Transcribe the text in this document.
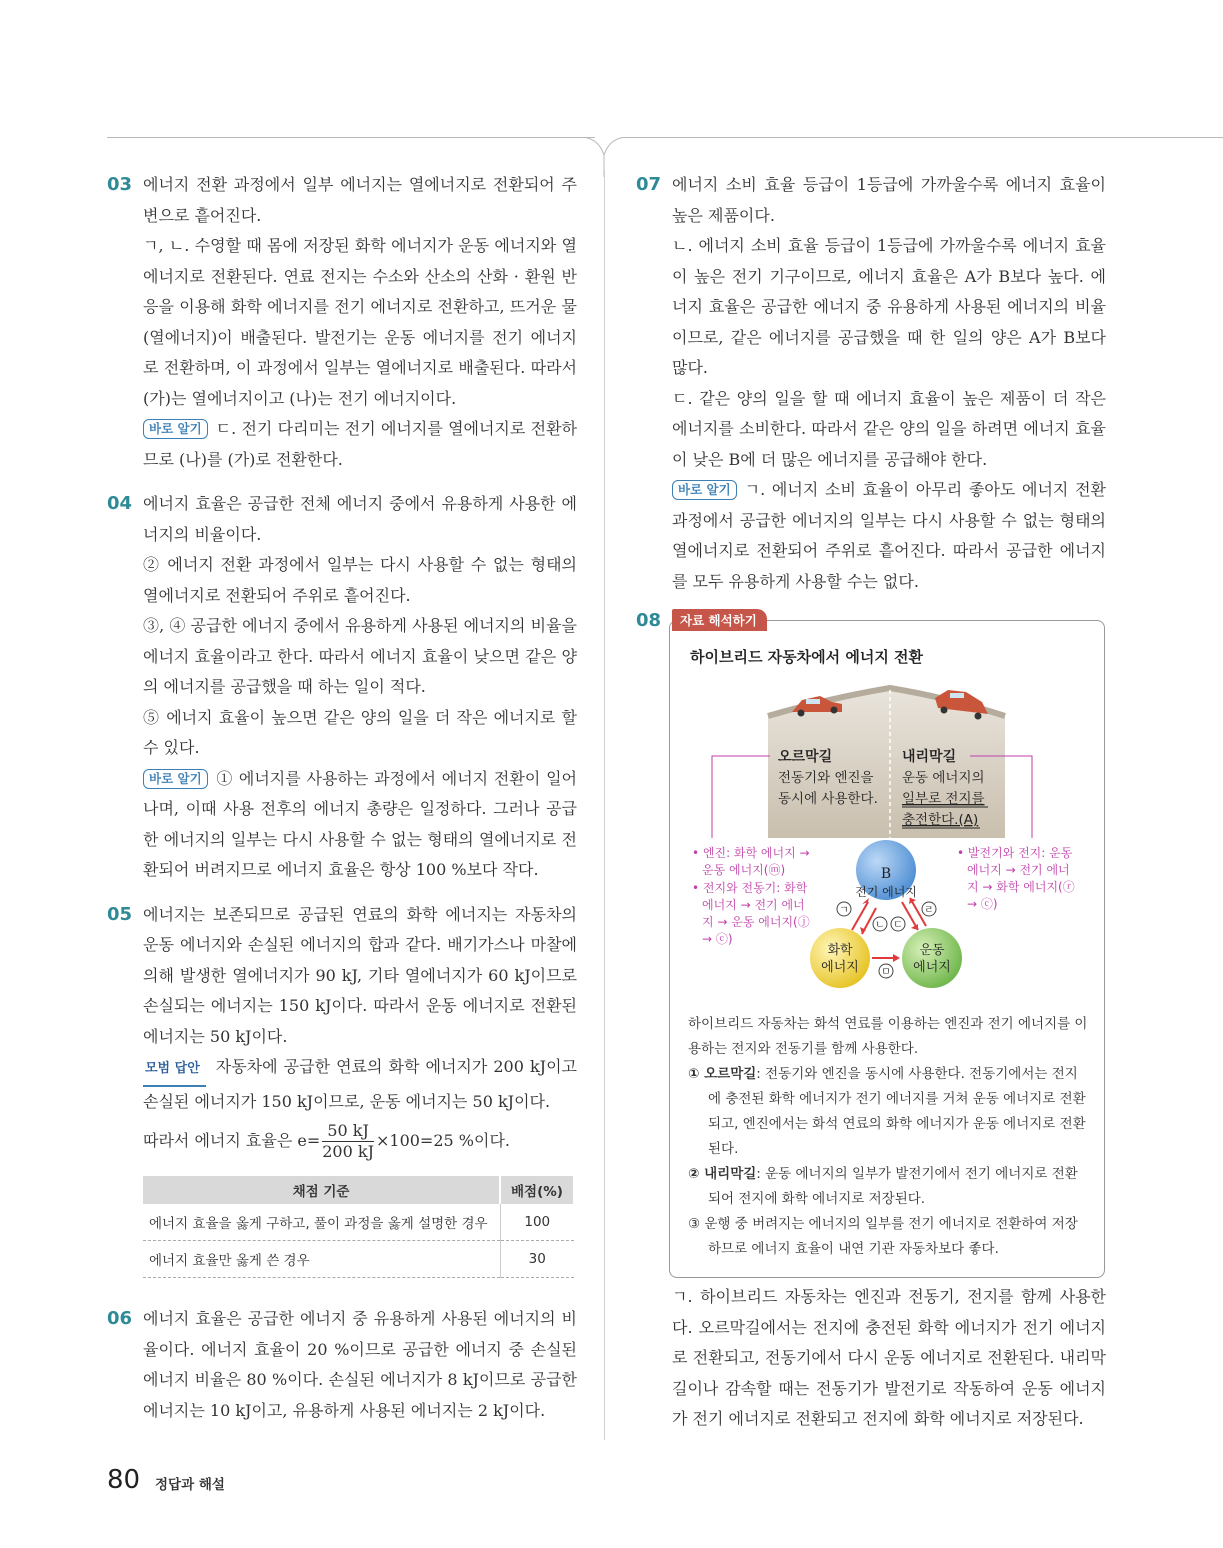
03 에너지 전환 과정에서 일부 에너지는 열에너지로 전환되어 주변으로 흩어진다.

ㄱ, ㄴ. 수영할 때 몸에 저장된 화학 에너지가 운동 에너지와 열에너지로 전환된다. 연료 전지는 수소와 산소의 산화 · 환원 반응을 이용해 화학 에너지를 전기 에너지로 전환하고, 뜨거운 물(열에너지)이 배출된다. 발전기는 운동 에너지를 전기 에너지로 전환하며, 이 과정에서 일부는 열에너지로 배출된다. 따라서 (가)는 열에너지이고 (나)는 전기 에너지이다.

바로 알기 ㄷ. 전기 다리미는 전기 에너지를 열에너지로 전환하므로 (나)를 (가)로 전환한다.

04 에너지 효율은 공급한 전체 에너지 중에서 유용하게 사용한 에너지의 비율이다.

② 에너지 전환 과정에서 일부는 다시 사용할 수 없는 형태의 열에너지로 전환되어 주위로 흩어진다.

③, ④ 공급한 에너지 중에서 유용하게 사용된 에너지의 비율을 에너지 효율이라고 한다. 따라서 에너지 효율이 낮으면 같은 양의 에너지를 공급했을 때 하는 일이 적다.

⑤ 에너지 효율이 높으면 같은 양의 일을 더 작은 에너지로 할 수 있다.

바로 알기 ① 에너지를 사용하는 과정에서 에너지 전환이 일어나며, 이때 사용 전후의 에너지 총량은 일정하다. 그러나 공급한 에너지의 일부는 다시 사용할 수 없는 형태의 열에너지로 전환되어 버려지므로 에너지 효율은 항상 100 %보다 작다.

05 에너지는 보존되므로 공급된 연료의 화학 에너지는 자동차의 운동 에너지와 손실된 에너지의 합과 같다. 배기가스나 마찰에 의해 발생한 열에너지가 90 kJ, 기타 열에너지가 60 kJ이므로 손실되는 에너지는 150 kJ이다. 따라서 운동 에너지로 전환된 에너지는 50 kJ이다.

모범 답안 자동차에 공급한 연료의 화학 에너지가 200 kJ이고 손실된 에너지가 150 kJ이므로, 운동 에너지는 50 kJ이다.

따라서 에너지 효율은 $e= \frac{50 kJ}{200 kJ} \times 100=25$ %이다.

채점 기준	배점(%)
에너지 효율을 옳게 구하고, 풀이 과정을 옳게 설명한 경우	100
에너지 효율만 옳게 쓴 경우	30
06 에너지 효율은 공급한 에너지 중 유용하게 사용된 에너지의 비율이다. 에너지 효율이 20 %이므로 공급한 에너지 중 손실된 에너지 비율은 80 %이다. 손실된 에너지가 8 kJ이므로 공급한 에너지는 10 kJ이고, 유용하게 사용된 에너지는 2 kJ이다.

07 에너지 소비 효율 등급이 1등급에 가까울수록 에너지 효율이 높은 제품이다.

ㄴ. 에너지 소비 효율 등급이 1등급에 가까울수록 에너지 효율이 높은 전기 기구이므로, 에너지 효율은 A가 B보다 높다. 에너지 효율은 공급한 에너지 중 유용하게 사용된 에너지의 비율이므로, 같은 에너지를 공급했을 때 한 일의 양은 A가 B보다 많다.

ㄷ. 같은 양의 일을 할 때 에너지 효율이 높은 제품이 더 작은 에너지를 소비한다. 따라서 같은 양의 일을 하려면 에너지 효율이 낮은 B에 더 많은 에너지를 공급해야 한다.

바로 알기 ㄱ. 에너지 소비 효율이 아무리 좋아도 에너지 전환 과정에서 공급한 에너지의 일부는 다시 사용할 수 없는 형태의 열에너지로 전환되어 주위로 흩어진다. 따라서 공급한 에너지를 모두 유용하게 사용할 수는 없다.

08	자료 해석하기
하이브리드 자동차에서 에너지 전환
오르막길
전동기와 엔진을
동시에 사용한다.
내리막길
운동 에너지의
일부로 전지를
충전한다.(A)
• 엔진: 화학 에너지 →
운동 에너지(ⓜ)
• 전지와 전동기: 화학
에너지 → 전기 에너
지 → 운동 에너지(ⓙ
→ ⓒ)
• 발전기와 전지: 운동
에너지 → 전기 에너
지 → 화학 에너지(ⓡ
→ ⓒ)
B
전기 에너지
화학
에너지
운동
에너지
ㄱ
ㄴ ㄷ
ㄹ
ㅁ

하이브리드 자동차는 화석 연료를 이용하는 엔진과 전기 에너지를 이용하는 전지와 전동기를 함께 사용한다.

① 오르막길: 전동기와 엔진을 동시에 사용한다. 전동기에서는 전지에 충전된 화학 에너지가 전기 에너지를 거쳐 운동 에너지로 전환되고, 엔진에서는 화석 연료의 화학 에너지가 운동 에너지로 전환된다.

② 내리막길: 운동 에너지의 일부가 발전기에서 전기 에너지로 전환되어 전지에 화학 에너지로 저장된다.

③ 운행 중 버려지는 에너지의 일부를 전기 에너지로 전환하여 저장하므로 에너지 효율이 내연 기관 자동차보다 좋다.

ㄱ. 하이브리드 자동차는 엔진과 전동기, 전지를 함께 사용한다. 오르막길에서는 전지에 충전된 화학 에너지가 전기 에너지로 전환되고, 전동기에서 다시 운동 에너지로 전환된다. 내리막길이나 감속할 때는 전동기가 발전기로 작동하여 운동 에너지가 전기 에너지로 전환되고 전지에 화학 에너지로 저장된다.

80 정답과 해설
